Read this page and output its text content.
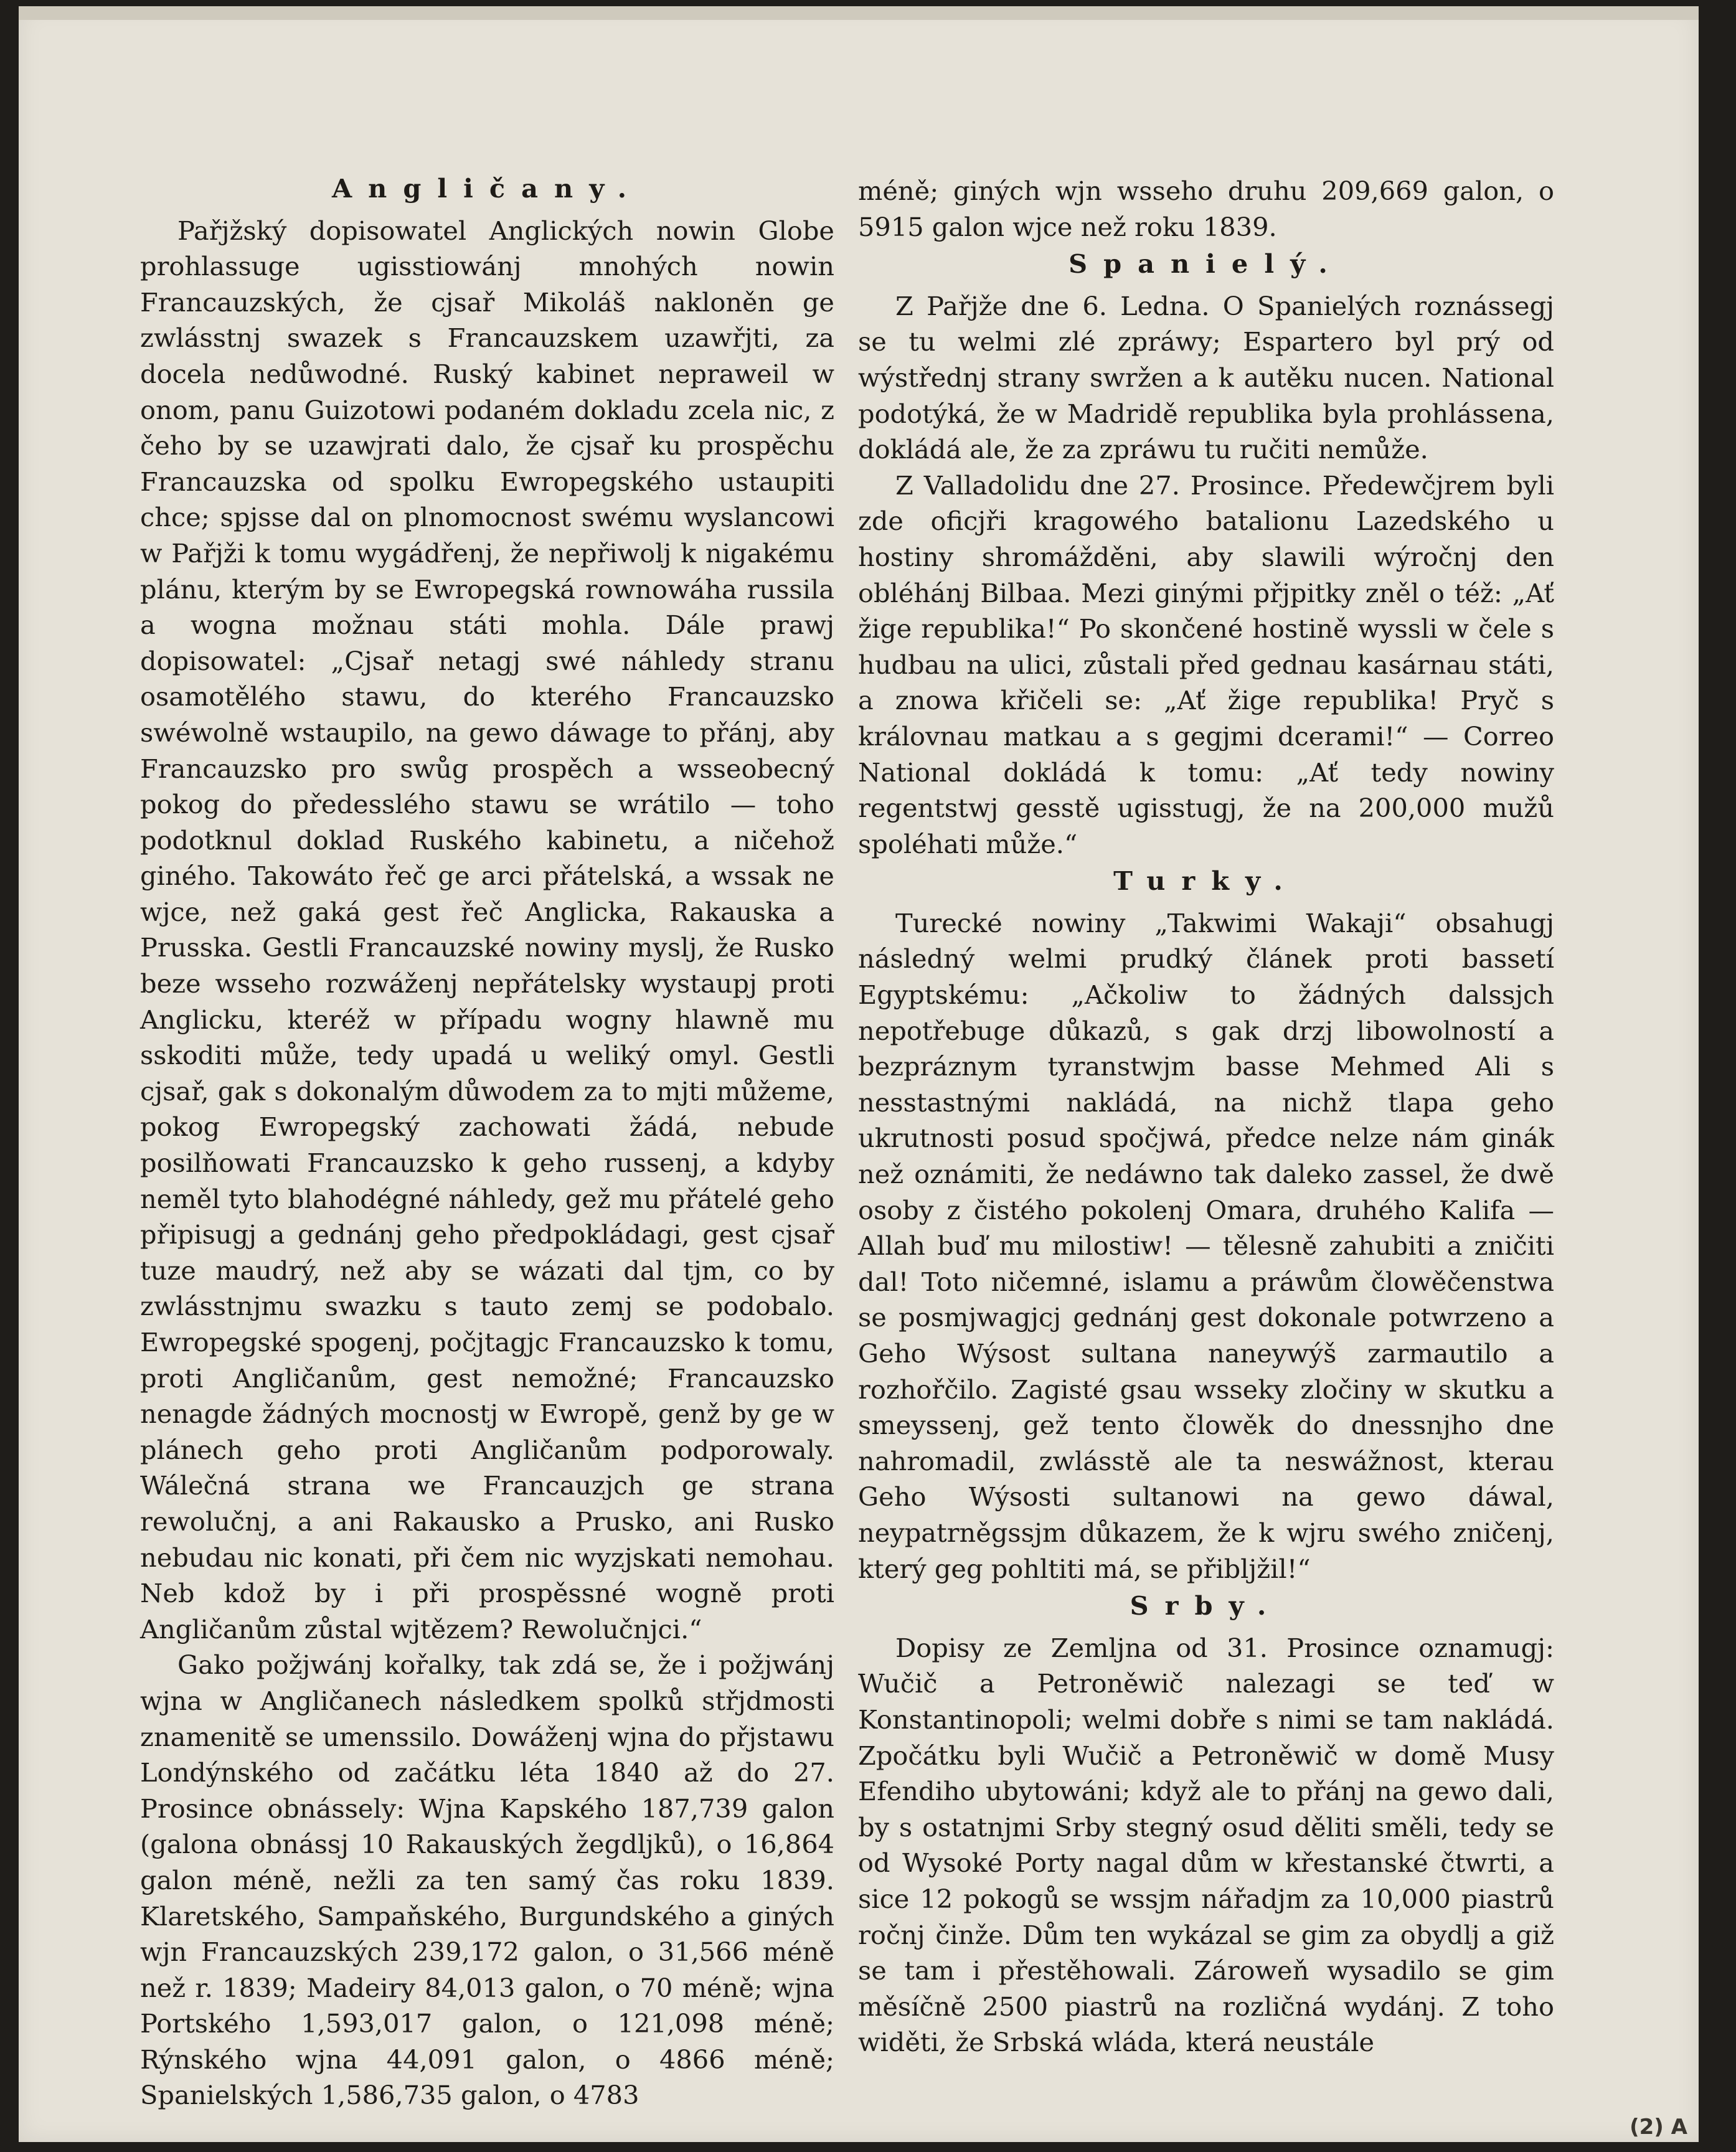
Angličany.

Pařjžský dopisowatel Anglických nowin Globe prohlassuge ugisstiowánj mnohých nowin Francauzských, že cjsař Mikoláš nakloněn ge zwlásstnj swazek s Francauzskem uzawřjti, za docela nedůwodné. Ruský kabinet nepraweil w onom, panu Guizotowi podaném dokladu zcela nic, z čeho by se uzawjrati dalo, že cjsař ku prospěchu Francauzska od spolku Ewropegského ustaupiti chce; spjsse dal on plnomocnost swému wyslancowi w Pařjži k tomu wygádřenj, že nepřiwolj k nigakému plánu, kterým by se Ewropegská rownowáha russila a wogna možnau státi mohla. Dále prawj dopisowatel: „Cjsař netagj swé náhledy stranu osamotělého stawu, do kterého Francauzsko swéwolně wstaupilo, na gewo dáwage to přánj, aby Francauzsko pro swůg prospěch a wsseobecný pokog do předesslého stawu se wrátilo — toho podotknul doklad Ruského kabinetu, a ničehož giného. Takowáto řeč ge arci přátelská, a wssak ne wjce, než gaká gest řeč Anglicka, Rakauska a Prusska. Gestli Francauzské nowiny myslj, že Rusko beze wsseho rozwáženj nepřátelsky wystaupj proti Anglicku, kteréž w případu wogny hlawně mu sskoditi může, tedy upadá u weliký omyl. Gestli cjsař, gak s dokonalým důwodem za to mjti můžeme, pokog Ewropegský zachowati žádá, nebude posilňowati Francauzsko k geho russenj, a kdyby neměl tyto blahodégné náhledy, gež mu přátelé geho připisugj a gednánj geho předpokládagi, gest cjsař tuze maudrý, než aby se wázati dal tjm, co by zwlásstnjmu swazku s tauto zemj se podobalo. Ewropegské spogenj, počjtagjc Francauzsko k tomu, proti Angličanům, gest nemožné; Francauzsko nenagde žádných mocnostj w Ewropě, genž by ge w plánech geho proti Angličanům podporowaly. Wálečná strana we Francauzjch ge strana rewolučnj, a ani Rakausko a Prusko, ani Rusko nebudau nic konati, při čem nic wyzjskati nemohau. Neb kdož by i při prospěssné wogně proti Angličanům zůstal wjtězem? Rewolučnjci.“

Gako požjwánj kořalky, tak zdá se, že i požjwánj wjna w Angličanech následkem spolků střjdmosti znamenitě se umenssilo. Dowáženj wjna do přjstawu Londýnského od začátku léta 1840 až do 27. Prosince obnássely: Wjna Kapského 187,739 galon (galona obnássj 10 Rakauských žegdljků), o 16,864 galon méně, nežli za ten samý čas roku 1839. Klaretského, Sampaňského, Burgundského a giných wjn Francauzských 239,172 galon, o 31,566 méně než r. 1839; Madeiry 84,013 galon, o 70 méně; wjna Portského 1,593,017 galon, o 121,098 méně; Rýnského wjna 44,091 galon, o 4866 méně; Spanielských 1,586,735 galon, o 4783

méně; giných wjn wsseho druhu 209,669 galon, o 5915 galon wjce než roku 1839.

Spanielý.

Z Pařjže dne 6. Ledna. O Spanielých roznássegj se tu welmi zlé zpráwy; Espartero byl prý od wýstřednj strany swržen a k autěku nucen. National podotýká, že w Madridě republika byla prohlássena, dokládá ale, že za zpráwu tu ručiti nemůže.

Z Valladolidu dne 27. Prosince. Předewčjrem byli zde oficjři kragowého batalionu Lazedského u hostiny shromážděni, aby slawili wýročnj den obléhánj Bilbaa. Mezi ginými přjpitky zněl o též: „Ať žige republika!“ Po skončené hostině wyssli w čele s hudbau na ulici, zůstali před gednau kasárnau státi, a znowa křičeli se: „Ať žige republika! Pryč s královnau matkau a s gegjmi dcerami!“ — Correo National dokládá k tomu: „Ať tedy nowiny regentstwj gesstě ugisstugj, že na 200,000 mužů spoléhati může.“

Turky.

Turecké nowiny „Takwimi Wakaji“ obsahugj následný welmi prudký článek proti bassetí Egyptskému: „Ačkoliw to žádných dalssjch nepotřebuge důkazů, s gak drzj libowolností a bezpráznym tyranstwjm basse Mehmed Ali s nesstastnými nakládá, na nichž tlapa geho ukrutnosti posud spočjwá, předce nelze nám ginák než oznámiti, že nedáwno tak daleko zassel, že dwě osoby z čistého pokolenj Omara, druhého Kalifa — Allah buď mu milostiw! — tělesně zahubiti a zničiti dal! Toto ničemné, islamu a práwům člowěčenstwa se posmjwagjcj gednánj gest dokonale potwrzeno a Geho Wýsost sultana naneywýš zarmautilo a rozhořčilo. Zagisté gsau wsseky zločiny w skutku a smeyssenj, gež tento člowěk do dnessnjho dne nahromadil, zwlásstě ale ta neswážnost, kterau Geho Wýsosti sultanowi na gewo dáwal, neypatrněgssjm důkazem, že k wjru swého zničenj, který geg pohltiti má, se přibljžil!“

Srby.

Dopisy ze Zemljna od 31. Prosince oznamugj: Wučič a Petroněwič nalezagi se teď w Konstantinopoli; welmi dobře s nimi se tam nakládá. Zpočátku byli Wučič a Petroněwič w domě Musy Efendiho ubytowáni; když ale to přánj na gewo dali, by s ostatnjmi Srby stegný osud děliti směli, tedy se od Wysoké Porty nagal dům w křestanské čtwrti, a sice 12 pokogů se wssjm nářadjm za 10,000 piastrů ročnj činže. Dům ten wykázal se gim za obydlj a giž se tam i přestěhowali. Zároweň wysadilo se gim měsíčně 2500 piastrů na rozličná wydánj. Z toho widěti, že Srbská wláda, která neustále

(2) A
